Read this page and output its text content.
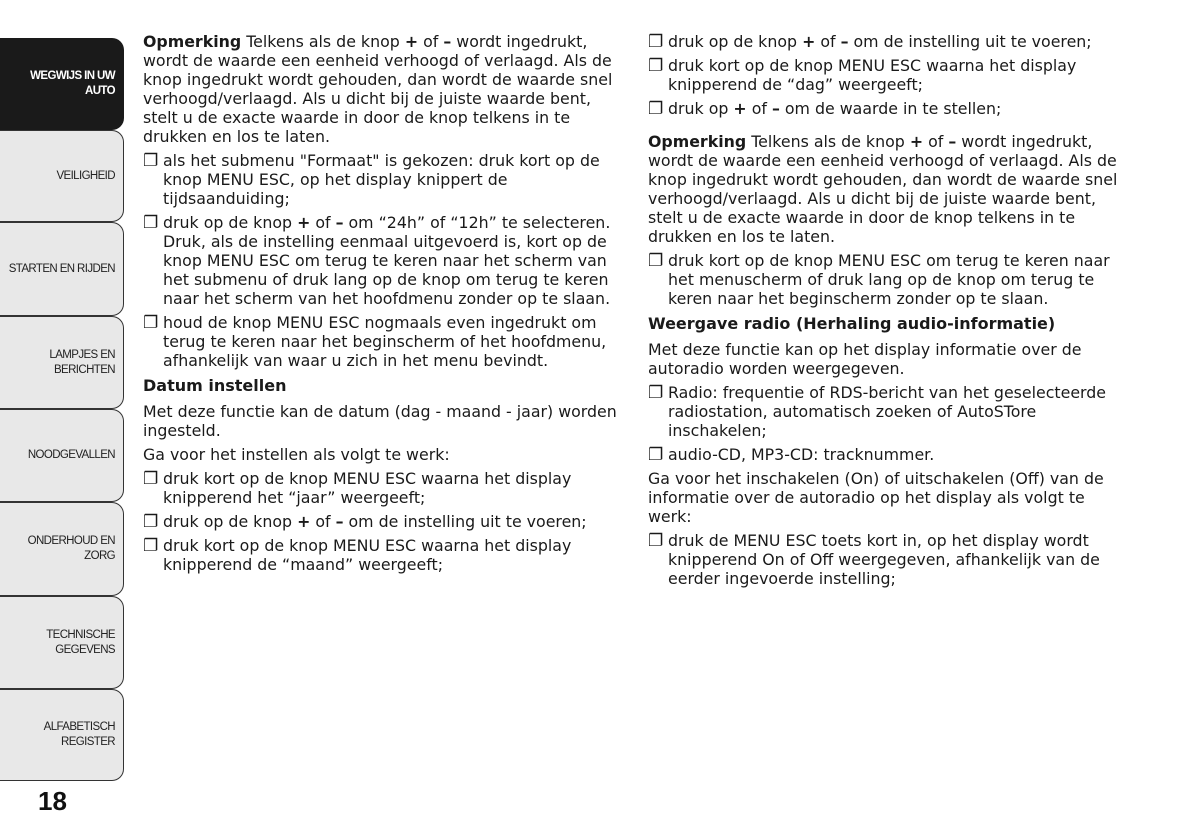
WEGWIJS IN UW
AUTO
VEILIGHEID
STARTEN EN RIJDEN
LAMPJES EN
BERICHTEN
NOODGEVALLEN
ONDERHOUD EN
ZORG
TECHNISCHE
GEGEVENS
ALFABETISCH
REGISTER
18

Opmerking Telkens als de knop + of – wordt ingedrukt, wordt de waarde een eenheid verhoogd of verlaagd. Als de knop ingedrukt wordt gehouden, dan wordt de waarde snel verhoogd/verlaagd. Als u dicht bij de juiste waarde bent, stelt u de exacte waarde in door de knop telkens in te drukken en los te laten.

❐ als het submenu "Formaat" is gekozen: druk kort op de knop MENU ESC, op het display knippert de tijdsaanduiding;
❐ druk op de knop + of – om “24h” of “12h” te selecteren. Druk, als de instelling eenmaal uitgevoerd is, kort op de knop MENU ESC om terug te keren naar het scherm van het submenu of druk lang op de knop om terug te keren naar het scherm van het hoofdmenu zonder op te slaan.
❐ houd de knop MENU ESC nogmaals even ingedrukt om terug te keren naar het beginscherm of het hoofdmenu, afhankelijk van waar u zich in het menu bevindt.
Datum instellen

Met deze functie kan de datum (dag - maand - jaar) worden ingesteld.

Ga voor het instellen als volgt te werk:

❐ druk kort op de knop MENU ESC waarna het display knipperend het “jaar” weergeeft;
❐ druk op de knop + of – om de instelling uit te voeren;
❐ druk kort op de knop MENU ESC waarna het display knipperend de “maand” weergeeft;
❐ druk op de knop + of – om de instelling uit te voeren;
❐ druk kort op de knop MENU ESC waarna het display knipperend de “dag” weergeeft;
❐ druk op + of – om de waarde in te stellen;

Opmerking Telkens als de knop + of – wordt ingedrukt, wordt de waarde een eenheid verhoogd of verlaagd. Als de knop ingedrukt wordt gehouden, dan wordt de waarde snel verhoogd/verlaagd. Als u dicht bij de juiste waarde bent, stelt u de exacte waarde in door de knop telkens in te drukken en los te laten.

❐ druk kort op de knop MENU ESC om terug te keren naar het menuscherm of druk lang op de knop om terug te keren naar het beginscherm zonder op te slaan.
Weergave radio (Herhaling audio-informatie)

Met deze functie kan op het display informatie over de autoradio worden weergegeven.

❐ Radio: frequentie of RDS-bericht van het geselecteerde radiostation, automatisch zoeken of AutoSTore inschakelen;
❐ audio-CD, MP3-CD: tracknummer.

Ga voor het inschakelen (On) of uitschakelen (Off) van de informatie over de autoradio op het display als volgt te werk:

❐ druk de MENU ESC toets kort in, op het display wordt knipperend On of Off weergegeven, afhankelijk van de eerder ingevoerde instelling;
